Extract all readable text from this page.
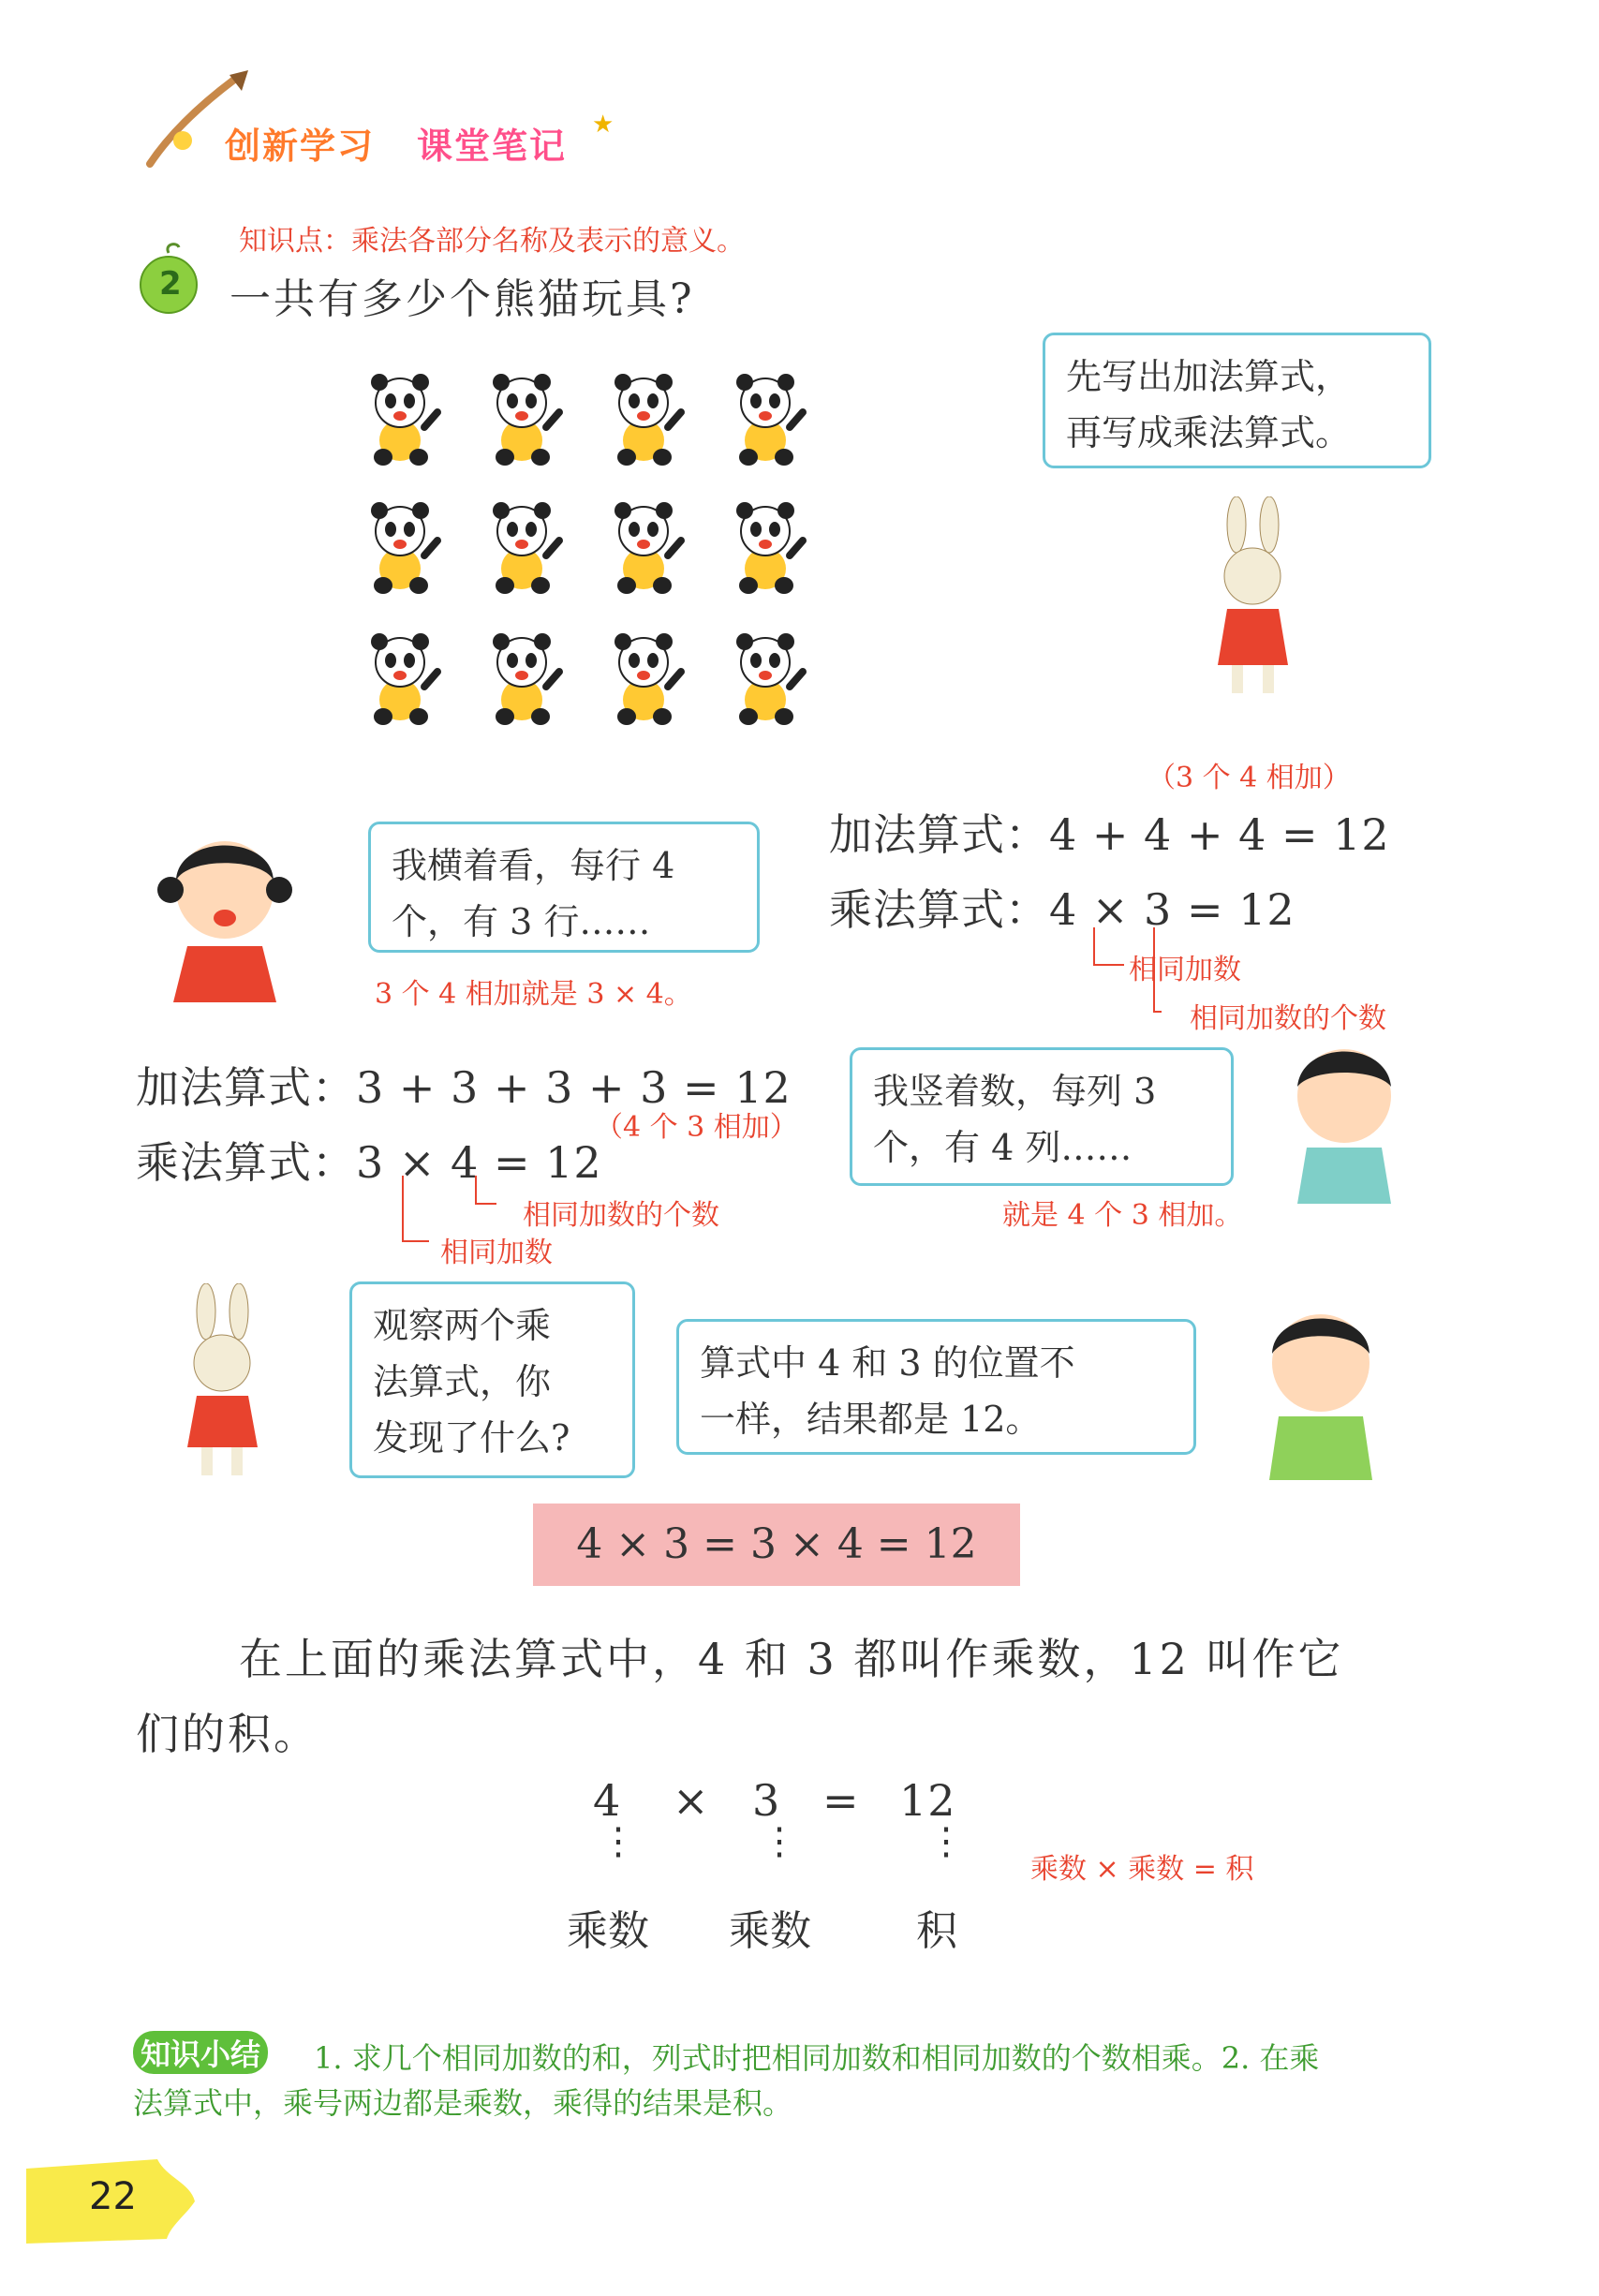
创新学习 课堂笔记
★
知识点：乘法各部分名称及表示的意义。
2 一共有多少个熊猫玩具?
先写出加法算式，
再写成乘法算式。
（3 个 4 相加）
加法算式：4 + 4 + 4 = 12
乘法算式：4 × 3 = 12
相同加数
相同加数的个数
我横着看，每行 4
个，有 3 行……
3 个 4 相加就是 3 × 4。
加法算式：3 + 3 + 3 + 3 = 12
（4 个 3 相加）
乘法算式：3 × 4 = 12
相同加数的个数
相同加数
我竖着数，每列 3
个，有 4 列……
就是 4 个 3 相加。
观察两个乘
法算式，你
发现了什么?
算式中 4 和 3 的位置不
一样，结果都是 12。
4 × 3 = 3 × 4 = 12
在上面的乘法算式中，4 和 3 都叫作乘数，12 叫作它
们的积。
4 × 3 = 12
⋮	⋮	⋮
乘数 乘数	积
乘数 × 乘数 = 积
知识小结 1. 求几个相同加数的和，列式时把相同加数和相同加数的个数相乘。2. 在乘
法算式中，乘号两边都是乘数，乘得的结果是积。
22
